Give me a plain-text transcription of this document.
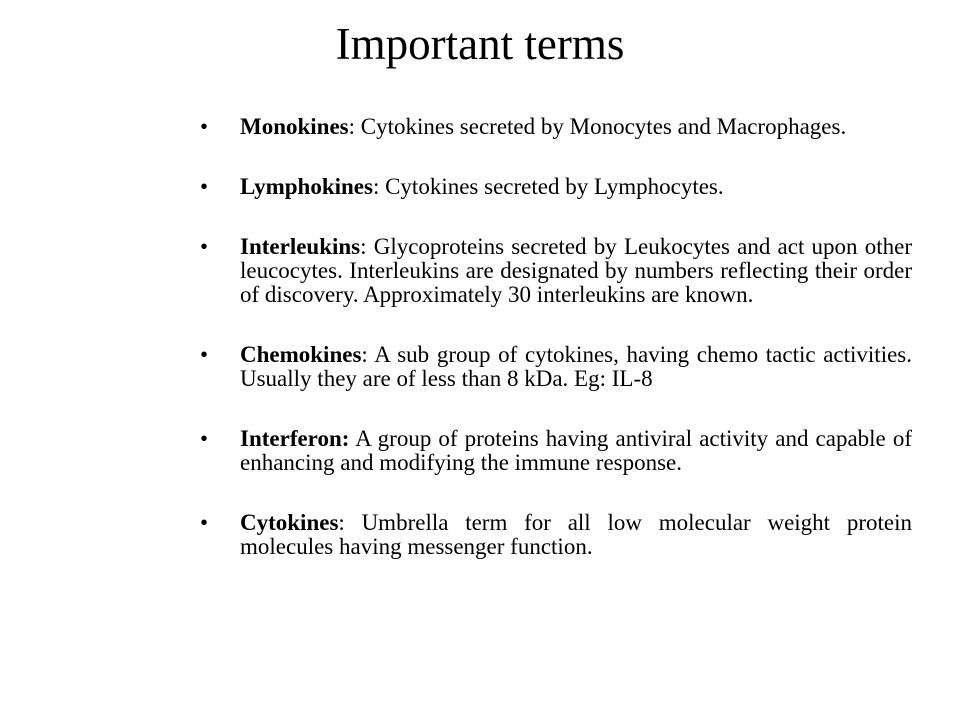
Important terms
• Monokines: Cytokines secreted by Monocytes and Macrophages.
• Lymphokines: Cytokines secreted by Lymphocytes.
• Interleukins: Glycoproteins secreted by Leukocytes and act upon other leucocytes. Interleukins are designated by numbers reflecting their order of discovery. Approximately 30 interleukins are known.
• Chemokines: A sub group of cytokines, having chemo tactic activities. Usually they are of less than 8 kDa. Eg: IL-8
• Interferon: A group of proteins having antiviral activity and capable of enhancing and modifying the immune response.
• Cytokines: Umbrella term for all low molecular weight protein molecules having messenger function.
